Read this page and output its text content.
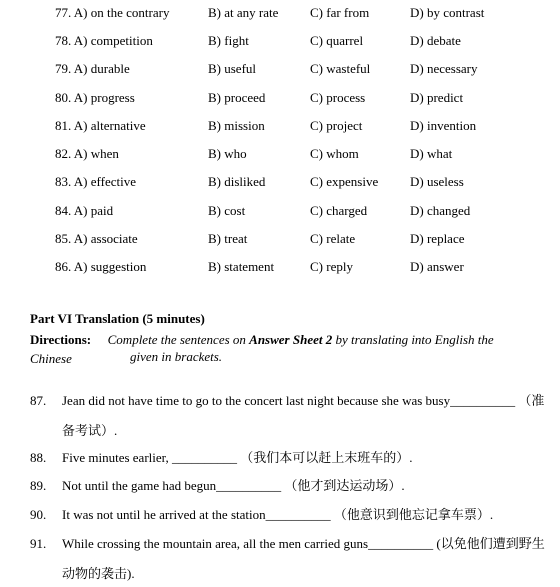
77. A) on the contrary	B) at any rate C) far from	D) by contrast
78. A) competition	B) fight	C) quarrel	D) debate
79. A) durable	B) useful	C) wasteful	D) necessary
80. A) progress	B) proceed	C) process	D) predict
81. A) alternative	B) mission	C) project	D) invention
82. A) when	B) who	C) whom	D) what
83. A) effective	B) disliked	C) expensive D) useless
84. A) paid	B) cost	C) charged	D) changed
85. A) associate	B) treat	C) relate	D) replace
86. A) suggestion	B) statement	C) reply	D) answer
Part VI Translation (5 minutes)
Directions: Complete the sentences on Answer Sheet 2 by translating into English the Chinese	given in brackets.
87. Jean did not have time to go to the concert last night because she was busy__________ （准
备考试）.
88. Five minutes earlier, __________ （我们本可以赶上末班车的）.
89. Not until the game had begun__________ （他才到达运动场）.
90. It was not until he arrived at the station__________ （他意识到他忘记拿车票）.
91. While crossing the mountain area, all the men carried guns__________ (以免他们遭到野生
动物的袭击).
